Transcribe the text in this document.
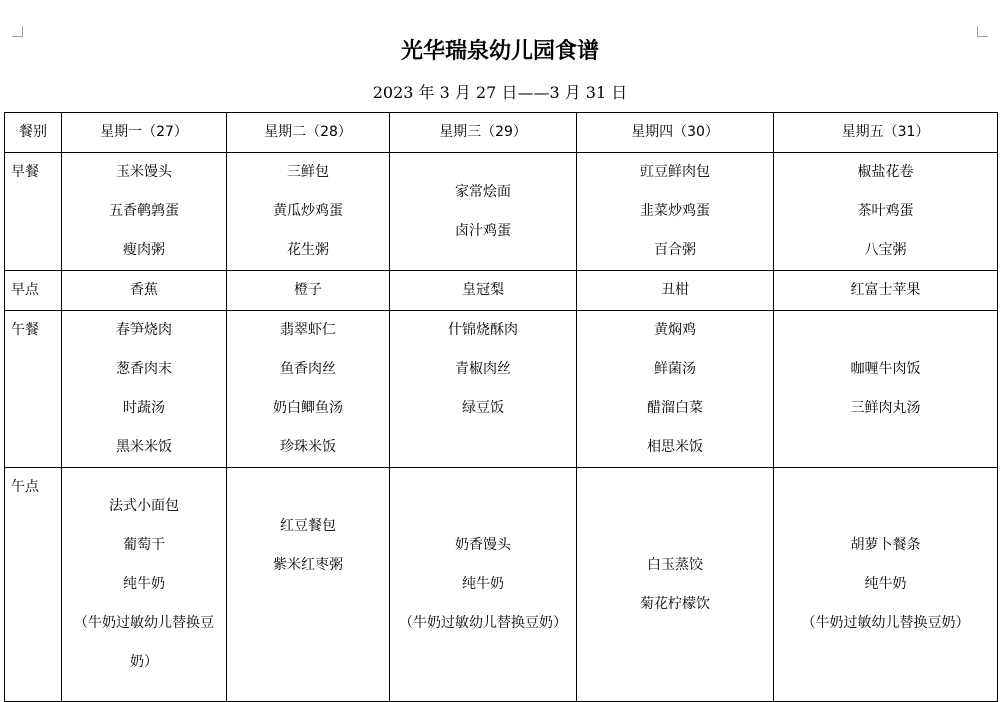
光华瑞泉幼儿园食谱
2023 年 3 月 27 日——3 月 31 日
餐别	星期一（27）	星期二（28）	星期三（29）	星期四（30）	星期五（31）
早餐	玉米馒头
五香鹌鹑蛋
瘦肉粥	三鲜包
黄瓜炒鸡蛋
花生粥	家常烩面
卤汁鸡蛋	豇豆鲜肉包
韭菜炒鸡蛋
百合粥	椒盐花卷
茶叶鸡蛋
八宝粥

早点	香蕉	橙子	皇冠梨	丑柑	红富士苹果

午餐	春笋烧肉
葱香肉末
时蔬汤
黑米米饭	翡翠虾仁
鱼香肉丝
奶白鲫鱼汤
珍珠米饭	什锦烧酥肉
青椒肉丝
绿豆饭	黄焖鸡
鲜菌汤
醋溜白菜
相思米饭	咖喱牛肉饭
三鲜肉丸汤

午点	法式小面包
葡萄干
纯牛奶
（牛奶过敏幼儿替换豆
奶）	红豆餐包
紫米红枣粥	奶香馒头
纯牛奶
（牛奶过敏幼儿替换豆奶）	白玉蒸饺
菊花柠檬饮	胡萝卜餐条
纯牛奶
（牛奶过敏幼儿替换豆奶）
